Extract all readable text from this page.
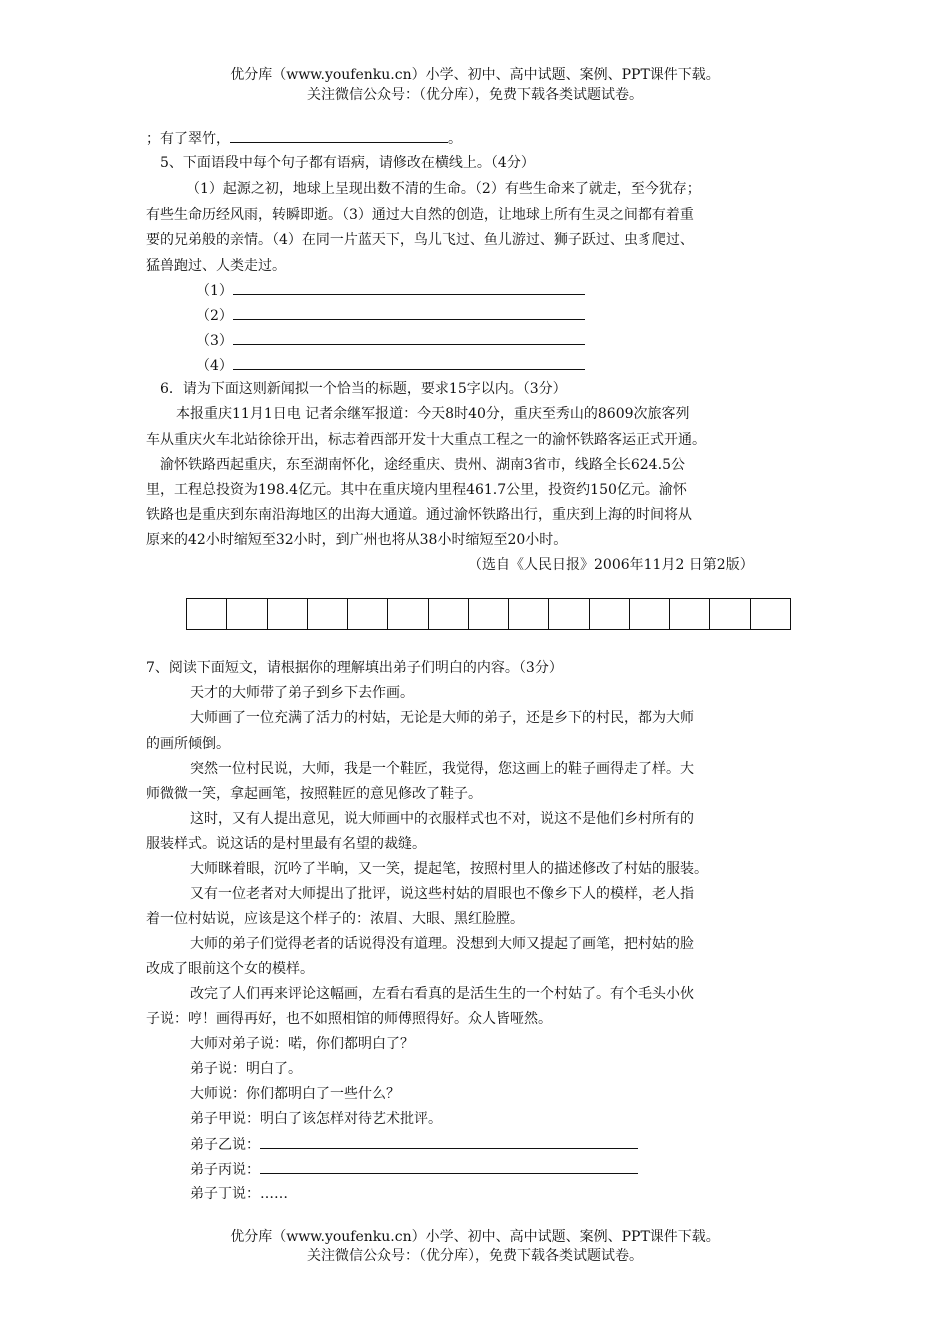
优分库（www.youfenku.cn）小学、初中、高中试题、案例、PPT课件下载。
关注微信公众号：（优分库），免费下载各类试题试卷。
；有了翠竹，	。
5、下面语段中每个句子都有语病，请修改在横线上。（4分）
（1）起源之初，地球上呈现出数不清的生命。（2）有些生命来了就走，至今犹存；
有些生命历经风雨，转瞬即逝。（3）通过大自然的创造，让地球上所有生灵之间都有着重
要的兄弟般的亲情。（4）在同一片蓝天下，鸟儿飞过、鱼儿游过、狮子跃过、虫豸爬过、
猛兽跑过、人类走过。
（1）
（2）
（3）
（4）
6．请为下面这则新闻拟一个恰当的标题，要求15字以内。（3分）
本报重庆11月1日电 记者余继军报道：今天8时40分，重庆至秀山的8609次旅客列
车从重庆火车北站徐徐开出，标志着西部开发十大重点工程之一的渝怀铁路客运正式开通。
渝怀铁路西起重庆，东至湖南怀化，途经重庆、贵州、湖南3省市，线路全长624.5公
里，工程总投资为198.4亿元。其中在重庆境内里程461.7公里，投资约150亿元。渝怀
铁路也是重庆到东南沿海地区的出海大通道。通过渝怀铁路出行，重庆到上海的时间将从
原来的42小时缩短至32小时，到广州也将从38小时缩短至20小时。
（选自《人民日报》2006年11月2 日第2版）
7、阅读下面短文，请根据你的理解填出弟子们明白的内容。（3分）
天才的大师带了弟子到乡下去作画。
大师画了一位充满了活力的村姑，无论是大师的弟子，还是乡下的村民，都为大师
的画所倾倒。
突然一位村民说，大师，我是一个鞋匠，我觉得，您这画上的鞋子画得走了样。大
师微微一笑，拿起画笔，按照鞋匠的意见修改了鞋子。
这时，又有人提出意见，说大师画中的衣服样式也不对，说这不是他们乡村所有的
服装样式。说这话的是村里最有名望的裁缝。
大师眯着眼，沉吟了半晌，又一笑，提起笔，按照村里人的描述修改了村姑的服装。
又有一位老者对大师提出了批评，说这些村姑的眉眼也不像乡下人的模样，老人指
着一位村姑说，应该是这个样子的：浓眉、大眼、黑红脸膛。
大师的弟子们觉得老者的话说得没有道理。没想到大师又提起了画笔，把村姑的脸
改成了眼前这个女的模样。
改完了人们再来评论这幅画，左看右看真的是活生生的一个村姑了。有个毛头小伙
子说：哼！画得再好，也不如照相馆的师傅照得好。众人皆哑然。
大师对弟子说：喏，你们都明白了？
弟子说：明白了。
大师说：你们都明白了一些什么？
弟子甲说：明白了该怎样对待艺术批评。
弟子乙说：
弟子丙说：
弟子丁说：……
优分库（www.youfenku.cn）小学、初中、高中试题、案例、PPT课件下载。
关注微信公众号：（优分库），免费下载各类试题试卷。
